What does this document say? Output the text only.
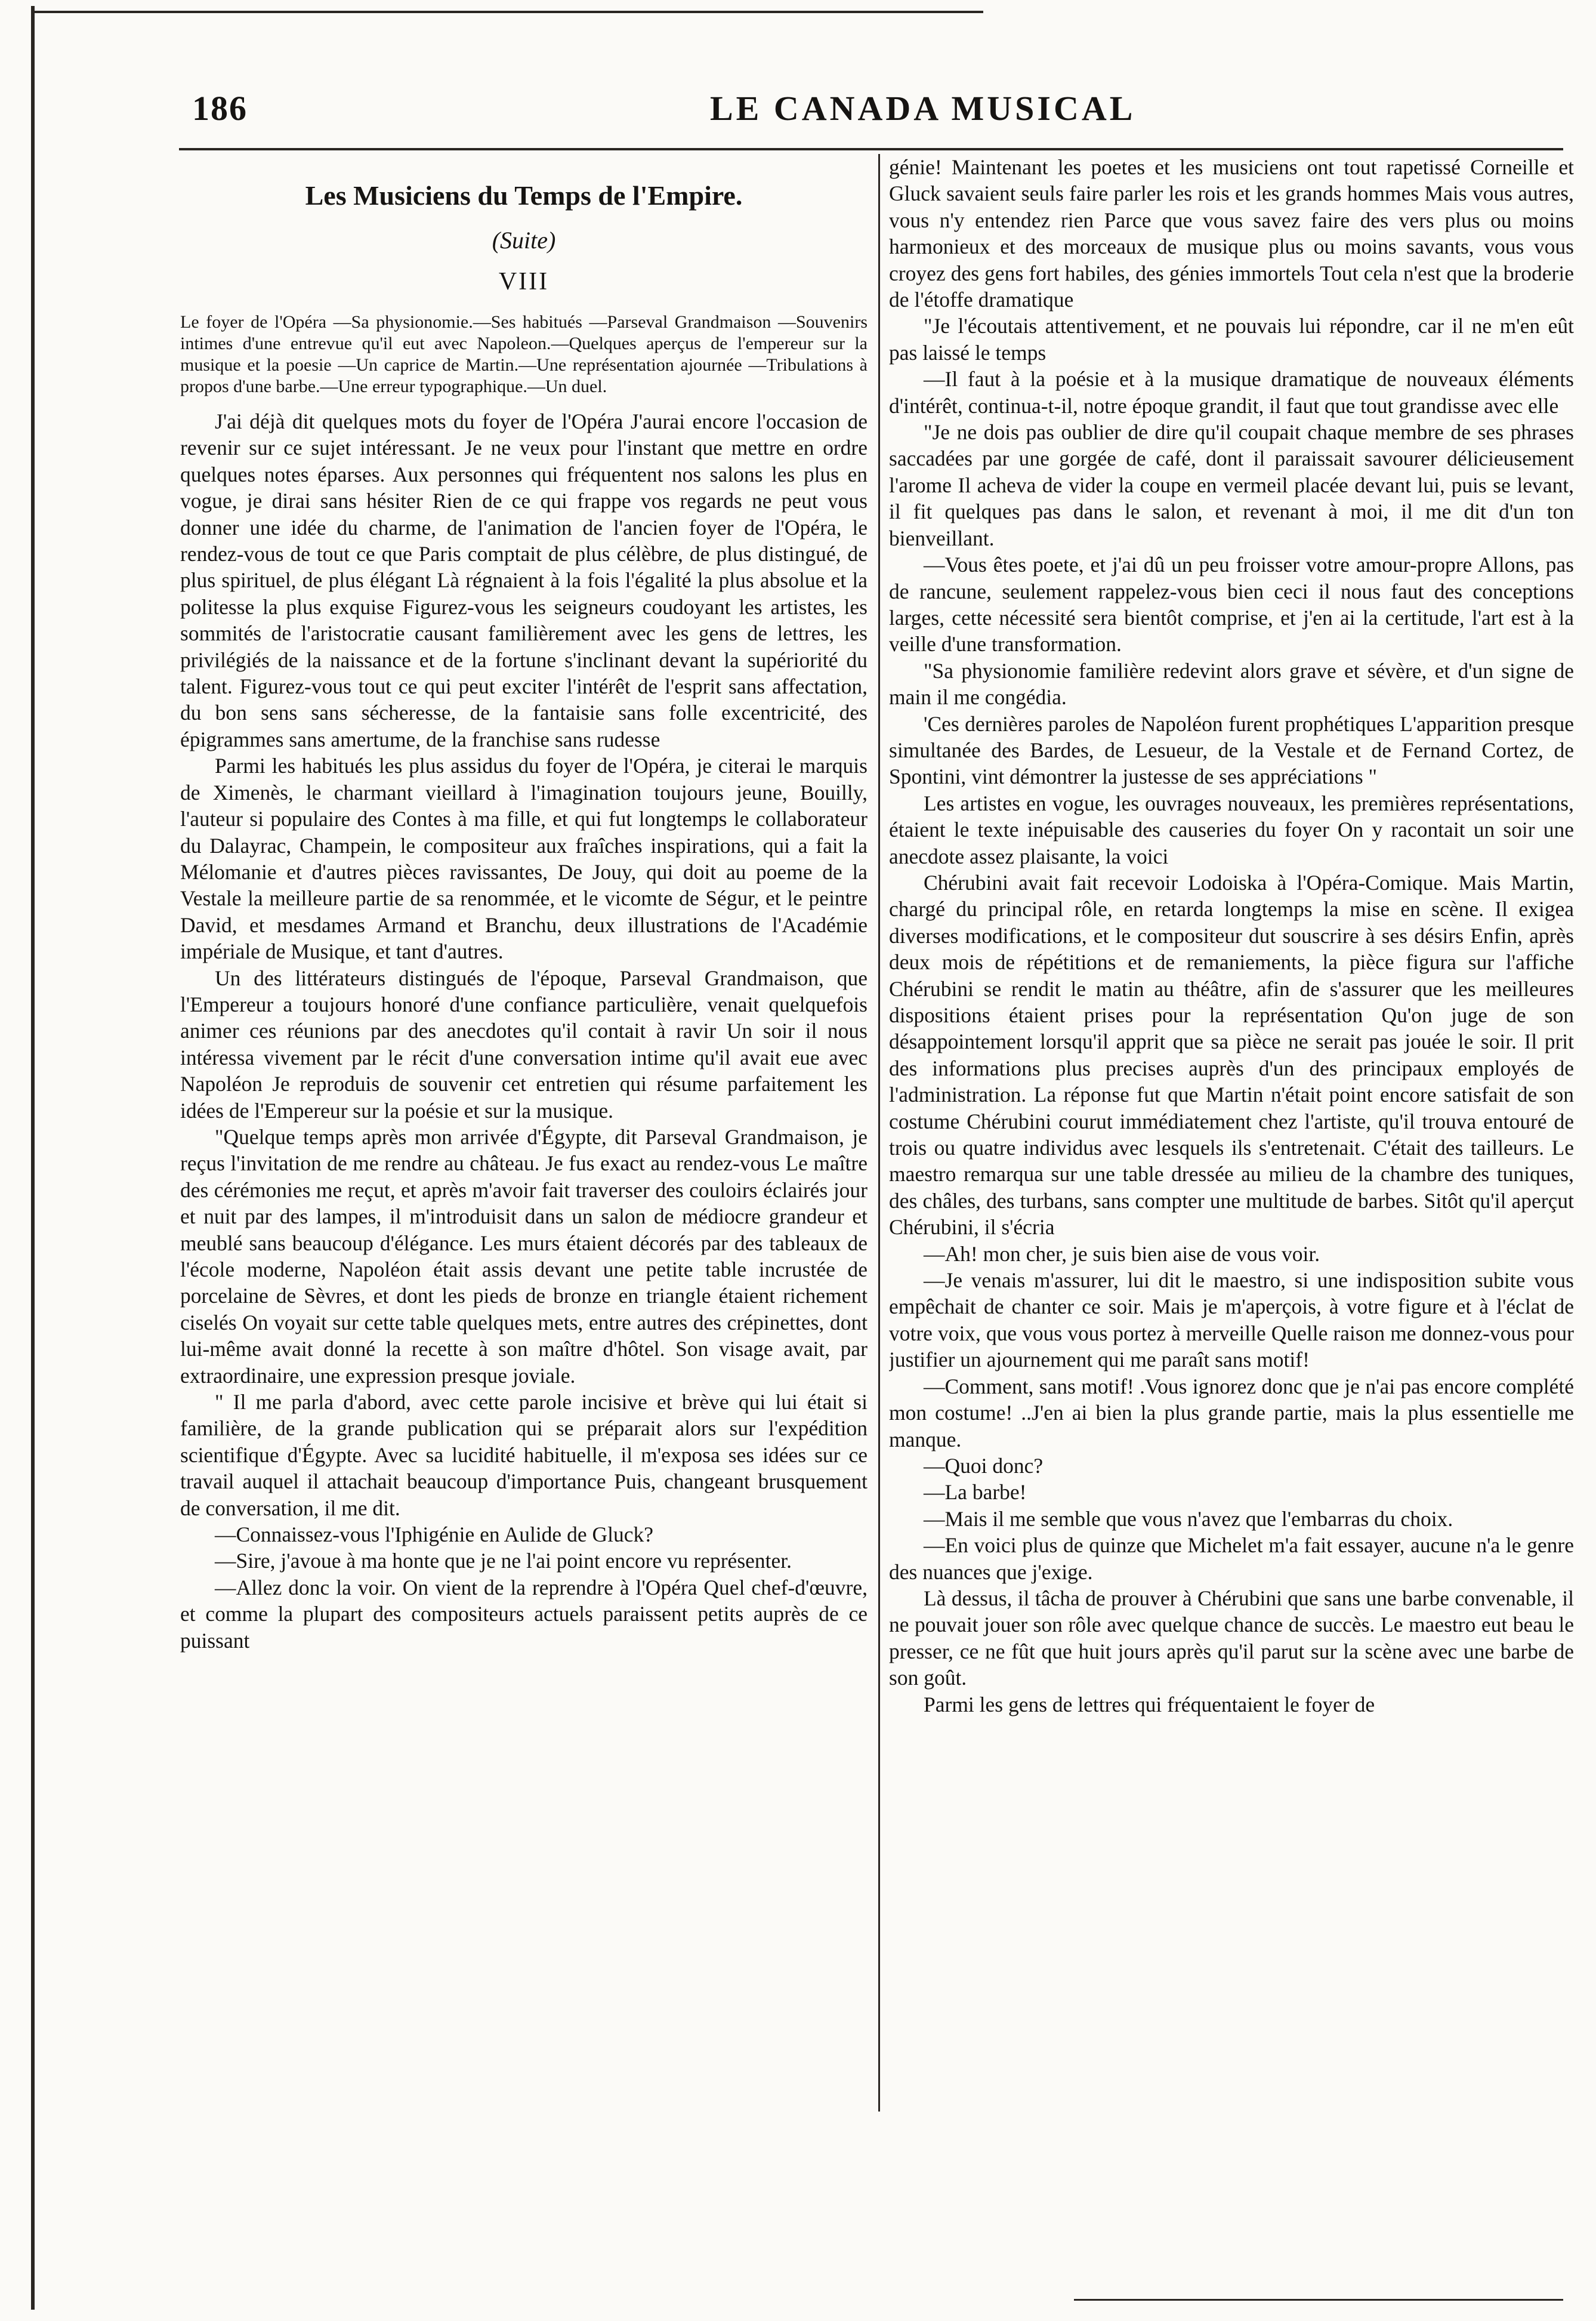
186	LE CANADA MUSICAL
Les Musiciens du Temps de l'Empire.
(Suite)
VIII
Le foyer de l'Opéra —Sa physionomie.—Ses habitués —Parseval Grandmaison —Souvenirs intimes d'une entrevue qu'il eut avec Napoleon.—Quelques aperçus de l'empereur sur la musique et la poesie —Un caprice de Martin.—Une représentation ajournée —Tribulations à propos d'une barbe.—Une erreur typographique.—Un duel.

J'ai déjà dit quelques mots du foyer de l'Opéra J'aurai encore l'occasion de revenir sur ce sujet intéressant. Je ne veux pour l'instant que mettre en ordre quelques notes éparses. Aux personnes qui fréquentent nos salons les plus en vogue, je dirai sans hésiter Rien de ce qui frappe vos regards ne peut vous donner une idée du charme, de l'animation de l'ancien foyer de l'Opéra, le rendez-vous de tout ce que Paris comptait de plus célèbre, de plus distingué, de plus spirituel, de plus élégant Là régnaient à la fois l'égalité la plus absolue et la politesse la plus exquise Figurez-vous les seigneurs coudoyant les artistes, les sommités de l'aristocratie causant familièrement avec les gens de lettres, les privilégiés de la naissance et de la fortune s'inclinant devant la supériorité du talent. Figurez-vous tout ce qui peut exciter l'intérêt de l'esprit sans affectation, du bon sens sans sécheresse, de la fantaisie sans folle excentricité, des épigrammes sans amertume, de la franchise sans rudesse

Parmi les habitués les plus assidus du foyer de l'Opéra, je citerai le marquis de Ximenès, le charmant vieillard à l'imagination toujours jeune, Bouilly, l'auteur si populaire des Contes à ma fille, et qui fut longtemps le collaborateur du Dalayrac, Champein, le compositeur aux fraîches inspirations, qui a fait la Mélomanie et d'autres pièces ravissantes, De Jouy, qui doit au poeme de la Vestale la meilleure partie de sa renommée, et le vicomte de Ségur, et le peintre David, et mesdames Armand et Branchu, deux illustrations de l'Académie impériale de Musique, et tant d'autres.

Un des littérateurs distingués de l'époque, Parseval Grandmaison, que l'Empereur a toujours honoré d'une confiance particulière, venait quelquefois animer ces réunions par des anecdotes qu'il contait à ravir Un soir il nous intéressa vivement par le récit d'une conversation intime qu'il avait eue avec Napoléon Je reproduis de souvenir cet entretien qui résume parfaitement les idées de l'Empereur sur la poésie et sur la musique.

"Quelque temps après mon arrivée d'Égypte, dit Parseval Grandmaison, je reçus l'invitation de me rendre au château. Je fus exact au rendez-vous Le maître des cérémonies me reçut, et après m'avoir fait traverser des couloirs éclairés jour et nuit par des lampes, il m'introduisit dans un salon de médiocre grandeur et meublé sans beaucoup d'élégance. Les murs étaient décorés par des tableaux de l'école moderne, Napoléon était assis devant une petite table incrustée de porcelaine de Sèvres, et dont les pieds de bronze en triangle étaient richement ciselés On voyait sur cette table quelques mets, entre autres des crépinettes, dont lui-même avait donné la recette à son maître d'hôtel. Son visage avait, par extraordinaire, une expression presque joviale.

" Il me parla d'abord, avec cette parole incisive et brève qui lui était si familière, de la grande publication qui se préparait alors sur l'expédition scientifique d'Égypte. Avec sa lucidité habituelle, il m'exposa ses idées sur ce travail auquel il attachait beaucoup d'importance Puis, changeant brusquement de conversation, il me dit.

—Connaissez-vous l'Iphigénie en Aulide de Gluck?

—Sire, j'avoue à ma honte que je ne l'ai point encore vu représenter.

—Allez donc la voir. On vient de la reprendre à l'Opéra Quel chef-d'œuvre, et comme la plupart des compositeurs actuels paraissent petits auprès de ce puissant

génie! Maintenant les poetes et les musiciens ont tout rapetissé Corneille et Gluck savaient seuls faire parler les rois et les grands hommes Mais vous autres, vous n'y entendez rien Parce que vous savez faire des vers plus ou moins harmonieux et des morceaux de musique plus ou moins savants, vous vous croyez des gens fort habiles, des génies immortels Tout cela n'est que la broderie de l'étoffe dramatique

"Je l'écoutais attentivement, et ne pouvais lui répondre, car il ne m'en eût pas laissé le temps

—Il faut à la poésie et à la musique dramatique de nouveaux éléments d'intérêt, continua-t-il, notre époque grandit, il faut que tout grandisse avec elle

"Je ne dois pas oublier de dire qu'il coupait chaque membre de ses phrases saccadées par une gorgée de café, dont il paraissait savourer délicieusement l'arome Il acheva de vider la coupe en vermeil placée devant lui, puis se levant, il fit quelques pas dans le salon, et revenant à moi, il me dit d'un ton bienveillant.

—Vous êtes poete, et j'ai dû un peu froisser votre amour-propre Allons, pas de rancune, seulement rappelez-vous bien ceci il nous faut des conceptions larges, cette nécessité sera bientôt comprise, et j'en ai la certitude, l'art est à la veille d'une transformation.

"Sa physionomie familière redevint alors grave et sévère, et d'un signe de main il me congédia.

'Ces dernières paroles de Napoléon furent prophétiques L'apparition presque simultanée des Bardes, de Lesueur, de la Vestale et de Fernand Cortez, de Spontini, vint démontrer la justesse de ses appréciations "

Les artistes en vogue, les ouvrages nouveaux, les premières représentations, étaient le texte inépuisable des causeries du foyer On y racontait un soir une anecdote assez plaisante, la voici

Chérubini avait fait recevoir Lodoiska à l'Opéra-Comique. Mais Martin, chargé du principal rôle, en retarda longtemps la mise en scène. Il exigea diverses modifications, et le compositeur dut souscrire à ses désirs Enfin, après deux mois de répétitions et de remaniements, la pièce figura sur l'affiche Chérubini se rendit le matin au théâtre, afin de s'assurer que les meilleures dispositions étaient prises pour la représentation Qu'on juge de son désappointement lorsqu'il apprit que sa pièce ne serait pas jouée le soir. Il prit des informations plus precises auprès d'un des principaux employés de l'administration. La réponse fut que Martin n'était point encore satisfait de son costume Chérubini courut immédiatement chez l'artiste, qu'il trouva entouré de trois ou quatre individus avec lesquels ils s'entretenait. C'était des tailleurs. Le maestro remarqua sur une table dressée au milieu de la chambre des tuniques, des châles, des turbans, sans compter une multitude de barbes. Sitôt qu'il aperçut Chérubini, il s'écria

—Ah! mon cher, je suis bien aise de vous voir.

—Je venais m'assurer, lui dit le maestro, si une indisposition subite vous empêchait de chanter ce soir. Mais je m'aperçois, à votre figure et à l'éclat de votre voix, que vous vous portez à merveille Quelle raison me donnez-vous pour justifier un ajournement qui me paraît sans motif!

—Comment, sans motif! .Vous ignorez donc que je n'ai pas encore complété mon costume! ..J'en ai bien la plus grande partie, mais la plus essentielle me manque.

—Quoi donc?

—La barbe!

—Mais il me semble que vous n'avez que l'embarras du choix.

—En voici plus de quinze que Michelet m'a fait essayer, aucune n'a le genre des nuances que j'exige.

Là dessus, il tâcha de prouver à Chérubini que sans une barbe convenable, il ne pouvait jouer son rôle avec quelque chance de succès. Le maestro eut beau le presser, ce ne fût que huit jours après qu'il parut sur la scène avec une barbe de son goût.

Parmi les gens de lettres qui fréquentaient le foyer de
